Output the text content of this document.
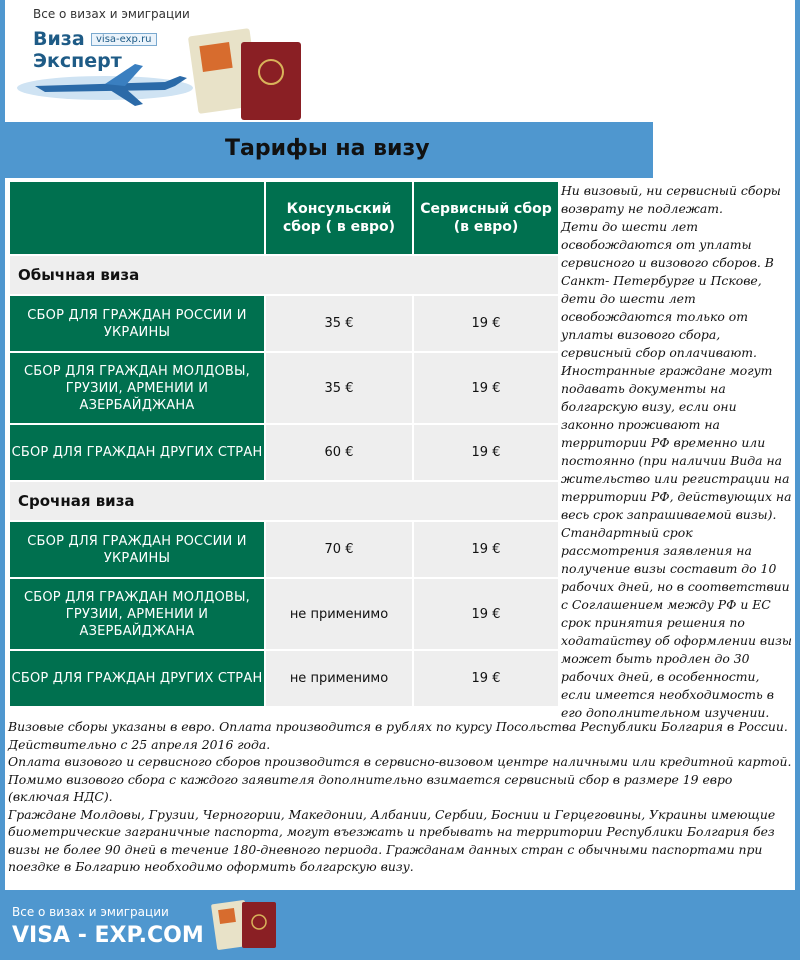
Все о визах и эмиграции
Виза	visa-exp.ru
Эксперт
Тарифы на визу
	Консульский сбор ( в евро)	Сервисный сбор (в евро)
Обычная виза		
СБОР ДЛЯ ГРАЖДАН РОССИИ И УКРАИНЫ	35 €	19 €
СБОР ДЛЯ ГРАЖДАН МОЛДОВЫ, ГРУЗИИ, АРМЕНИИ И АЗЕРБАЙДЖАНА	35 €	19 €
СБОР ДЛЯ ГРАЖДАН ДРУГИХ СТРАН	60 €	19 €
Срочная виза		
СБОР ДЛЯ ГРАЖДАН РОССИИ И УКРАИНЫ	70 €	19 €
СБОР ДЛЯ ГРАЖДАН МОЛДОВЫ, ГРУЗИИ, АРМЕНИИ И АЗЕРБАЙДЖАНА	не применимо	19 €
СБОР ДЛЯ ГРАЖДАН ДРУГИХ СТРАН	не применимо	19 €

Ни визовый, ни сервисный сборы возврату не подлежат.

Дети до шести лет освобождаются от уплаты сервисного и визового сборов. В Санкт- Петербурге и Пскове, дети до шести лет освобождаются только от уплаты визового сбора, сервисный сбор оплачивают.

Иностранные граждане могут подавать документы на болгарскую визу, если они законно проживают на территории РФ временно или постоянно (при наличии Вида на жительство или регистрации на территории РФ, действующих на весь срок запрашиваемой визы).

Стандартный срок рассмотрения заявления на получение визы составит до 10 рабочих дней, но в соответствии с Соглашением между РФ и ЕС срок принятия решения по ходатайству об оформлении визы может быть продлен до 30 рабочих дней, в особенности, если имеется необходимость в его дополнительном изучении.

Визовые сборы указаны в евро. Оплата производится в рублях по курсу Посольства Республики Болгария в России. Действительно с 25 апреля 2016 года.

Оплата визового и сервисного сборов производится в сервисно-визовом центре наличными или кредитной картой.

Помимо визового сбора с каждого заявителя дополнительно взимается сервисный сбор в размере 19 евро (включая НДС).

Граждане Молдовы, Грузии, Черногории, Македонии, Албании, Сербии, Боснии и Герцеговины, Украины имеющие биометрические заграничные паспорта, могут въезжать и пребывать на территории Республики Болгария без визы не более 90 дней в течение 180-дневного периода. Гражданам данных стран с обычными паспортами при поездке в Болгарию необходимо оформить болгарскую визу.

Все о визах и эмиграции
VISA - EXP.COM
